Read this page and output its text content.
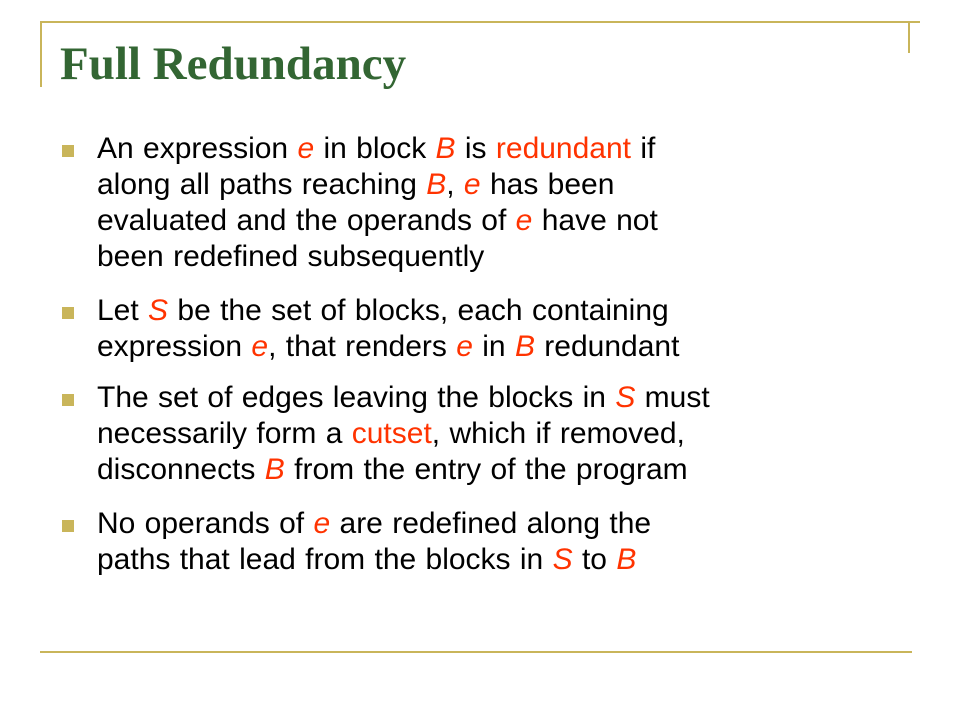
Full Redundancy
An expression e in block B is redundant if
along all paths reaching B, e has been
evaluated and the operands of e have not
been redefined subsequently
Let S be the set of blocks, each containing
expression e, that renders e in B redundant
The set of edges leaving the blocks in S must
necessarily form a cutset, which if removed,
disconnects B from the entry of the program
No operands of e are redefined along the
paths that lead from the blocks in S to B
